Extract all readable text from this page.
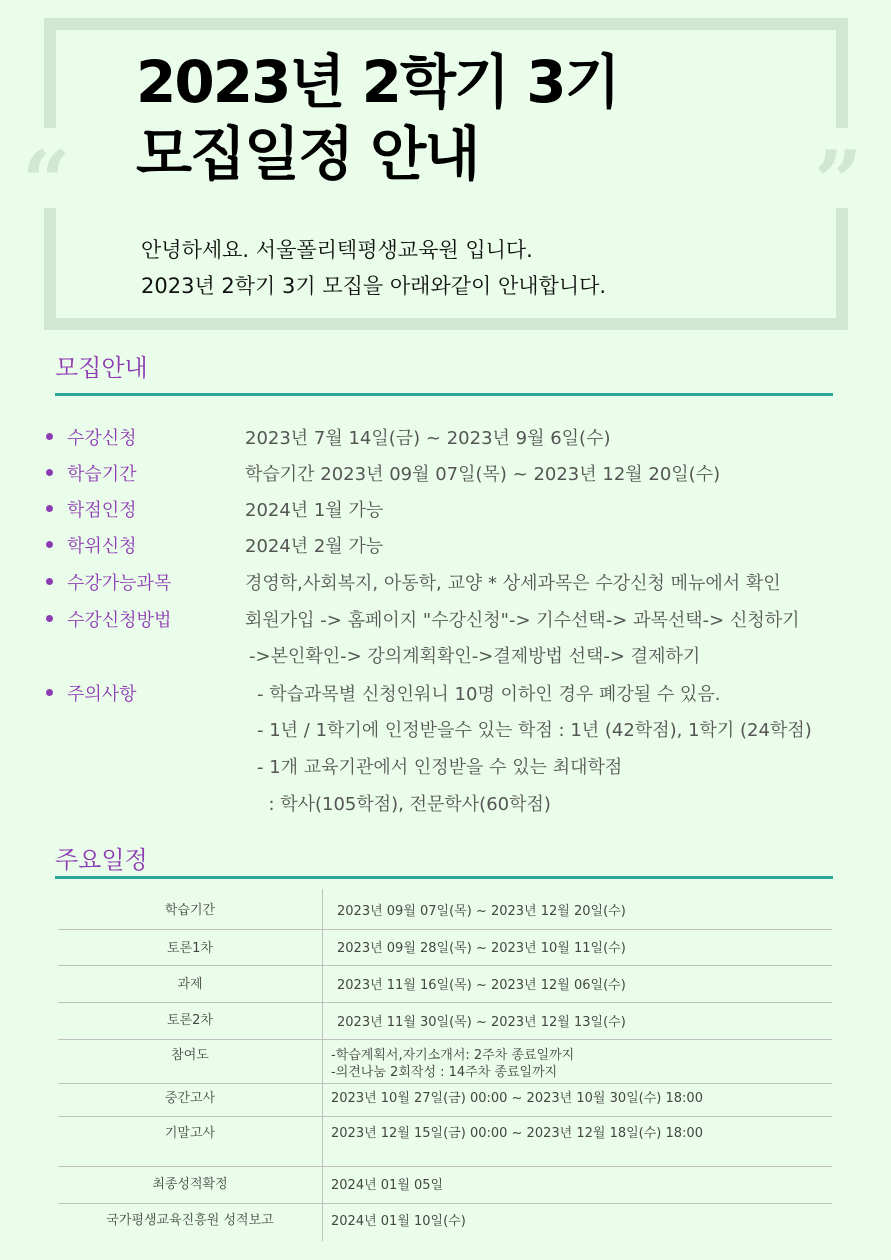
“	”
2023년 2학기 3기
모집일정 안내
안녕하세요. 서울폴리텍평생교육원 입니다.
2023년 2학기 3기 모집을 아래와같이 안내합니다.
모집안내
수강신청	2023년 7월 14일(금) ~ 2023년 9월 6일(수)
학습기간	학습기간 2023년 09월 07일(목) ~ 2023년 12월 20일(수)
학점인정	2024년 1월 가능
학위신청	2024년 2월 가능
수강가능과목	경영학,사회복지, 아동학, 교양 * 상세과목은 수강신청 메뉴에서 확인
수강신청방법	회원가입 -> 홈페이지 "수강신청"-> 기수선택-> 과목선택-> 신청하기
->본인확인-> 강의계획확인->결제방법 선택-> 결제하기
주의사항	- 학습과목별 신청인워니 10명 이하인 경우 폐강될 수 있음.
- 1년 / 1학기에 인정받을수 있는 학점 : 1년 (42학점), 1학기 (24학점)
- 1개 교육기관에서 인정받을 수 있는 최대학점
: 학사(105학점), 전문학사(60학점)
주요일정
학습기간	2023년 09월 07일(목) ~ 2023년 12월 20일(수)
토론1차	2023년 09월 28일(목) ~ 2023년 10월 11일(수)
과제	2023년 11월 16일(목) ~ 2023년 12월 06일(수)
토론2차	2023년 11월 30일(목) ~ 2023년 12월 13일(수)
참여도	-학습계획서,자기소개서: 2주차 종료일까지
-의견나눔 2회작성 : 14주차 종료일까지
중간고사	2023년 10월 27일(금) 00:00 ~ 2023년 10월 30일(수) 18:00
기말고사	2023년 12월 15일(금) 00:00 ~ 2023년 12월 18일(수) 18:00
최종성적확정	2024년 01월 05일
국가평생교육진흥원 성적보고	2024년 01월 10일(수)
